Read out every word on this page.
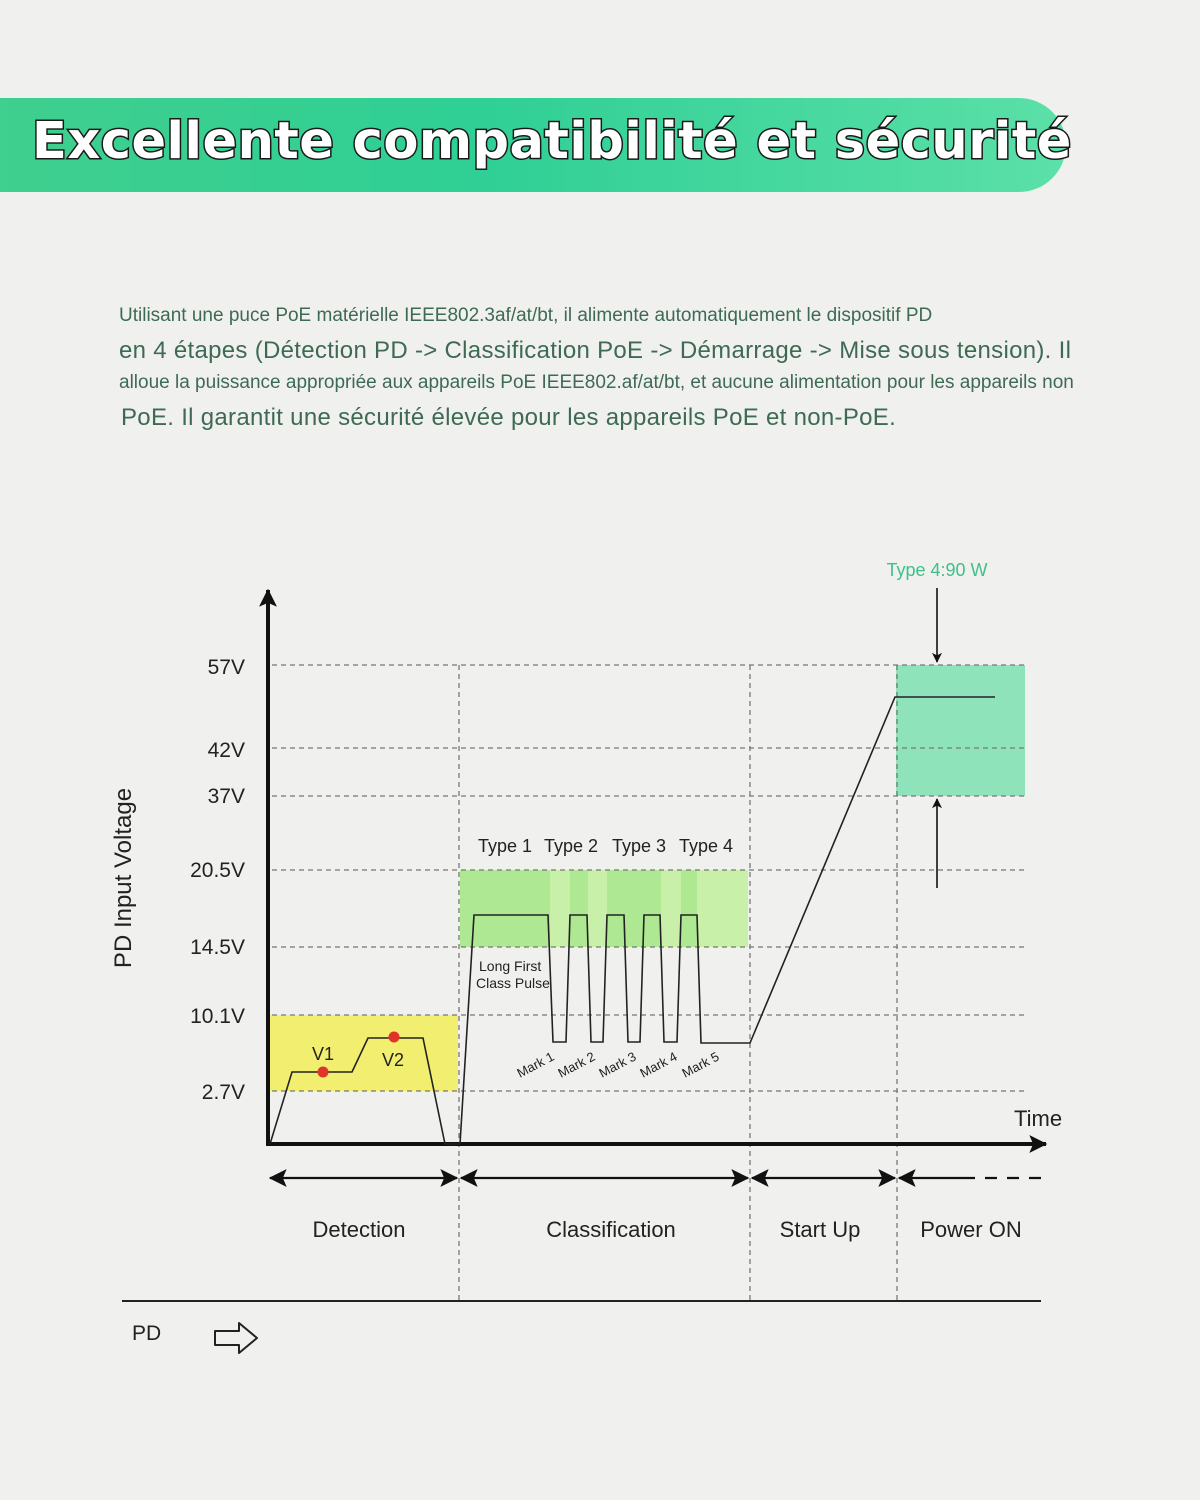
Excellente compatibilité et sécurité
Utilisant une puce PoE matérielle IEEE802.3af/at/bt, il alimente automatiquement le dispositif PD
en 4 étapes (Détection PD -> Classification PoE -> Démarrage -> Mise sous tension). Il
alloue la puissance appropriée aux appareils PoE IEEE802.af/at/bt, et aucune alimentation pour les appareils non
PoE. Il garantit une sécurité élevée pour les appareils PoE et non-PoE.
V1	V2
57V
42V
37V
20.5V
14.5V
10.1V
2.7V
PD Input Voltage
Time
Type 1 Type 2 Type 3 Type 4
Long First
Class Pulse
Mark 1
Mark 2
Mark 3
Mark 4 Mark 5
Type 4:90 W
Detection	Classification	Start Up	Power ON
PD
